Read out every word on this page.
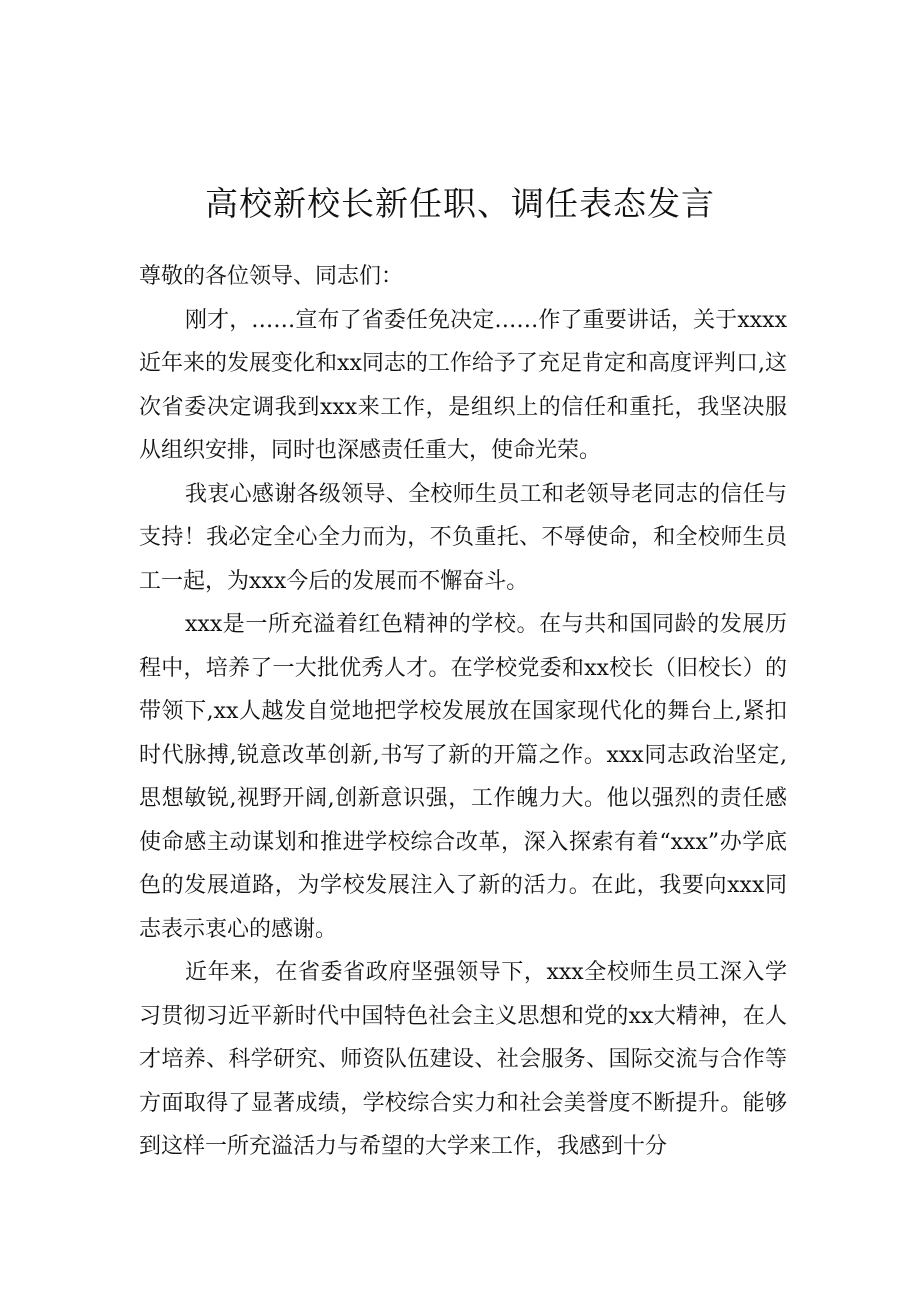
高校新校长新任职、调任表态发言

尊敬的各位领导、同志们：

刚才，……宣布了省委任免决定……作了重要讲话，关于xxxx近年来的发展变化和xx同志的工作给予了充足肯定和高度评判口,这次省委决定调我到xxx来工作，是组织上的信任和重托，我坚决服从组织安排，同时也深感责任重大，使命光荣。

我衷心感谢各级领导、全校师生员工和老领导老同志的信任与支持！我必定全心全力而为，不负重托、不辱使命，和全校师生员工一起，为xxx今后的发展而不懈奋斗。

xxx是一所充溢着红色精神的学校。在与共和国同龄的发展历程中，培养了一大批优秀人才。在学校党委和xx校长（旧校长）的带领下,xx人越发自觉地把学校发展放在国家现代化的舞台上,紧扣时代脉搏,锐意改革创新,书写了新的开篇之作。xxx同志政治坚定,思想敏锐,视野开阔,创新意识强，工作魄力大。他以强烈的责任感使命感主动谋划和推进学校综合改革，深入探索有着“xxx”办学底色的发展道路，为学校发展注入了新的活力。在此，我要向xxx同志表示衷心的感谢。

近年来，在省委省政府坚强领导下，xxx全校师生员工深入学习贯彻习近平新时代中国特色社会主义思想和党的xx大精神，在人才培养、科学研究、师资队伍建设、社会服务、国际交流与合作等方面取得了显著成绩，学校综合实力和社会美誉度不断提升。能够到这样一所充溢活力与希望的大学来工作，我感到十分
